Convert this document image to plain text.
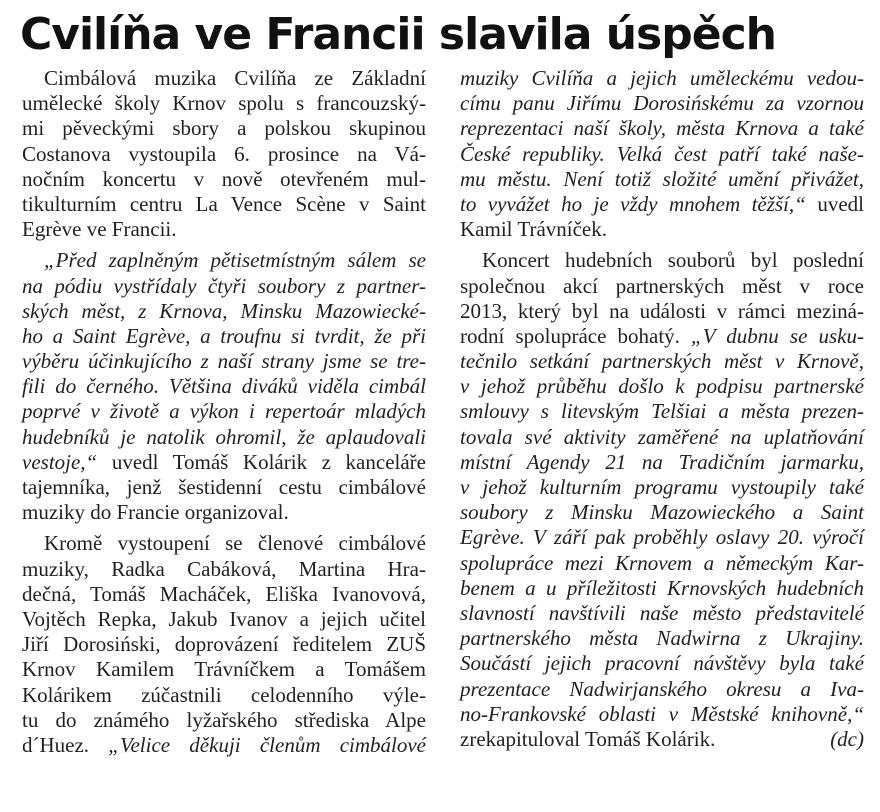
Cvilíňa ve Francii slavila úspěch
Cimbálová muzika Cvilíňa ze Základní
umělecké školy Krnov spolu s francouzský-
mi pěveckými sbory a polskou skupinou
Costanova vystoupila 6. prosince na Vá-
nočním koncertu v nově otevřeném mul-
tikulturním centru La Vence Scène v Saint
Egrève ve Francii.
„Před zaplněným pětisetmístným sálem se
na pódiu vystřídaly čtyři soubory z partner-
ských měst, z Krnova, Minsku Mazowiecké-
ho a Saint Egrève, a troufnu si tvrdit, že při
výběru účinkujícího z naší strany jsme se tre-
fili do černého. Většina diváků viděla cimbál
poprvé v životě a výkon i repertoár mladých
hudebníků je natolik ohromil, že aplaudovali
vestoje,“ uvedl Tomáš Kolárik z kanceláře
tajemníka, jenž šestidenní cestu cimbálové
muziky do Francie organizoval.
Kromě vystoupení se členové cimbálové
muziky, Radka Cabáková, Martina Hra-
dečná, Tomáš Macháček, Eliška Ivanovová,
Vojtěch Repka, Jakub Ivanov a jejich učitel
Jiří Dorosiński, doprovázení ředitelem ZUŠ
Krnov Kamilem Trávníčkem a Tomášem
Kolárikem zúčastnili celodenního výle-
tu do známého lyžařského střediska Alpe
d´Huez. „Velice děkuji členům cimbálové
muziky Cvilíňa a jejich uměleckému vedou-
címu panu Jiřímu Dorosińskému za vzornou
reprezentaci naší školy, města Krnova a také
České republiky. Velká čest patří také naše-
mu městu. Není totiž složité umění přivážet,
to vyvážet ho je vždy mnohem těžší,“ uvedl
Kamil Trávníček.
Koncert hudebních souborů byl poslední
společnou akcí partnerských měst v roce
2013, který byl na události v rámci meziná-
rodní spolupráce bohatý. „V dubnu se usku-
tečnilo setkání partnerských měst v Krnově,
v jehož průběhu došlo k podpisu partnerské
smlouvy s litevským Telšiai a města prezen-
tovala své aktivity zaměřené na uplatňování
místní Agendy 21 na Tradičním jarmarku,
v jehož kulturním programu vystoupily také
soubory z Minsku Mazowieckého a Saint
Egrève. V září pak proběhly oslavy 20. výročí
spolupráce mezi Krnovem a německým Kar-
benem a u příležitosti Krnovských hudebních
slavností navštívili naše město představitelé
partnerského města Nadwirna z Ukrajiny.
Součástí jejich pracovní návštěvy byla také
prezentace Nadwirjanského okresu a Iva-
no-Frankovské oblasti v Městské knihovně,“
zrekapituloval Tomáš Kolárik.	(dc)
